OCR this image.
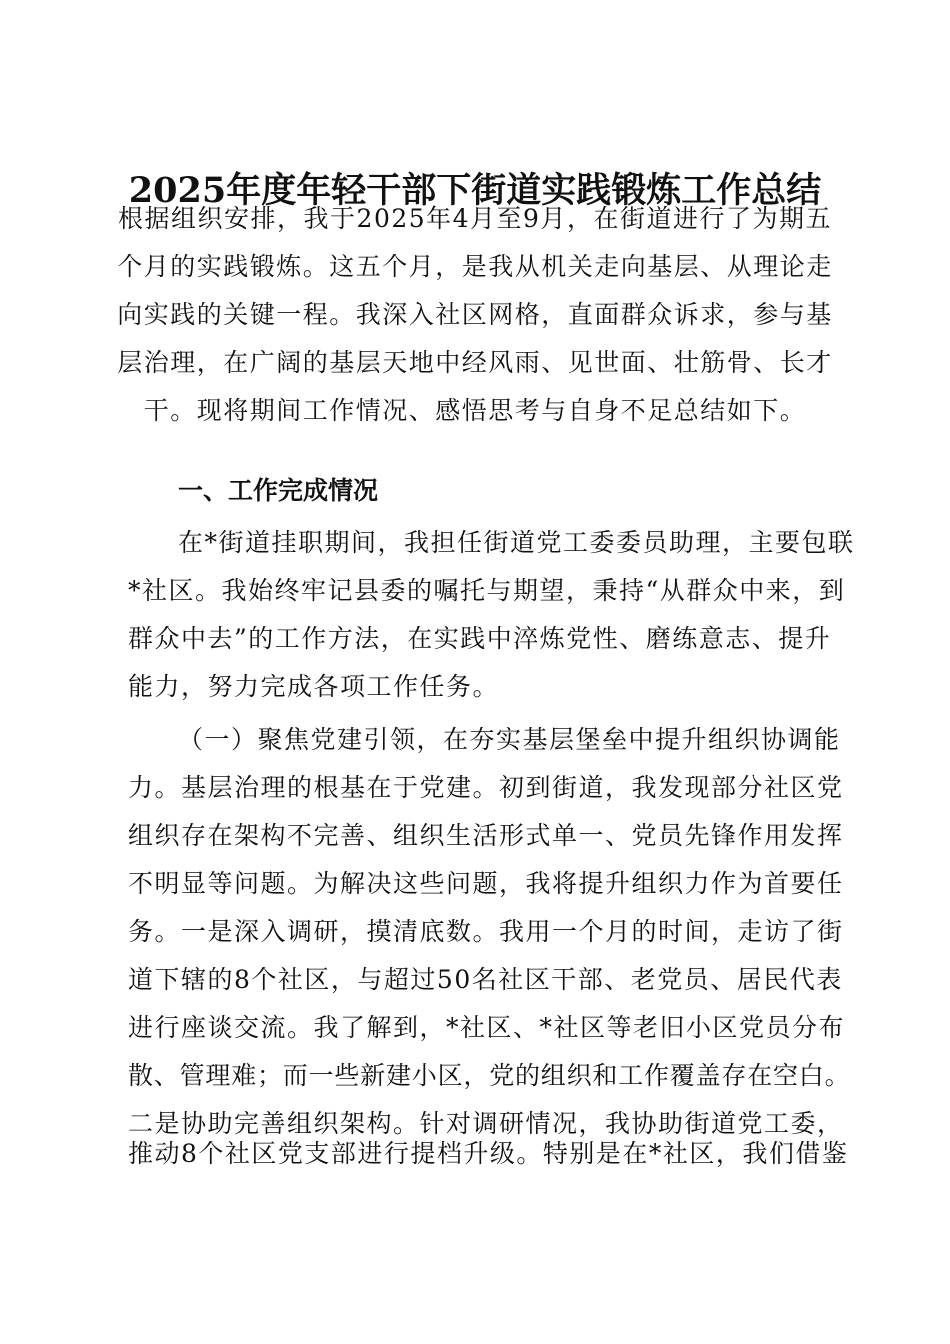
2025年度年轻干部下街道实践锻炼工作总结
根据组织安排，我于2025年4月至9月，在街道进行了为期五
个月的实践锻炼。这五个月，是我从机关走向基层、从理论走
向实践的关键一程。我深入社区网格，直面群众诉求，参与基
层治理，在广阔的基层天地中经风雨、见世面、壮筋骨、长才
干。现将期间工作情况、感悟思考与自身不足总结如下。
一、工作完成情况
在*街道挂职期间，我担任街道党工委委员助理，主要包联
*社区。我始终牢记县委的嘱托与期望，秉持“从群众中来，到
群众中去”的工作方法，在实践中淬炼党性、磨练意志、提升
能力，努力完成各项工作任务。
（一）聚焦党建引领，在夯实基层堡垒中提升组织协调能
力。基层治理的根基在于党建。初到街道，我发现部分社区党
组织存在架构不完善、组织生活形式单一、党员先锋作用发挥
不明显等问题。为解决这些问题，我将提升组织力作为首要任
务。一是深入调研，摸清底数。我用一个月的时间，走访了街
道下辖的8个社区，与超过50名社区干部、老党员、居民代表
进行座谈交流。我了解到，*社区、*社区等老旧小区党员分布
散、管理难；而一些新建小区，党的组织和工作覆盖存在空白。
二是协助完善组织架构。针对调研情况，我协助街道党工委，
推动8个社区党支部进行提档升级。特别是在*社区，我们借鉴
